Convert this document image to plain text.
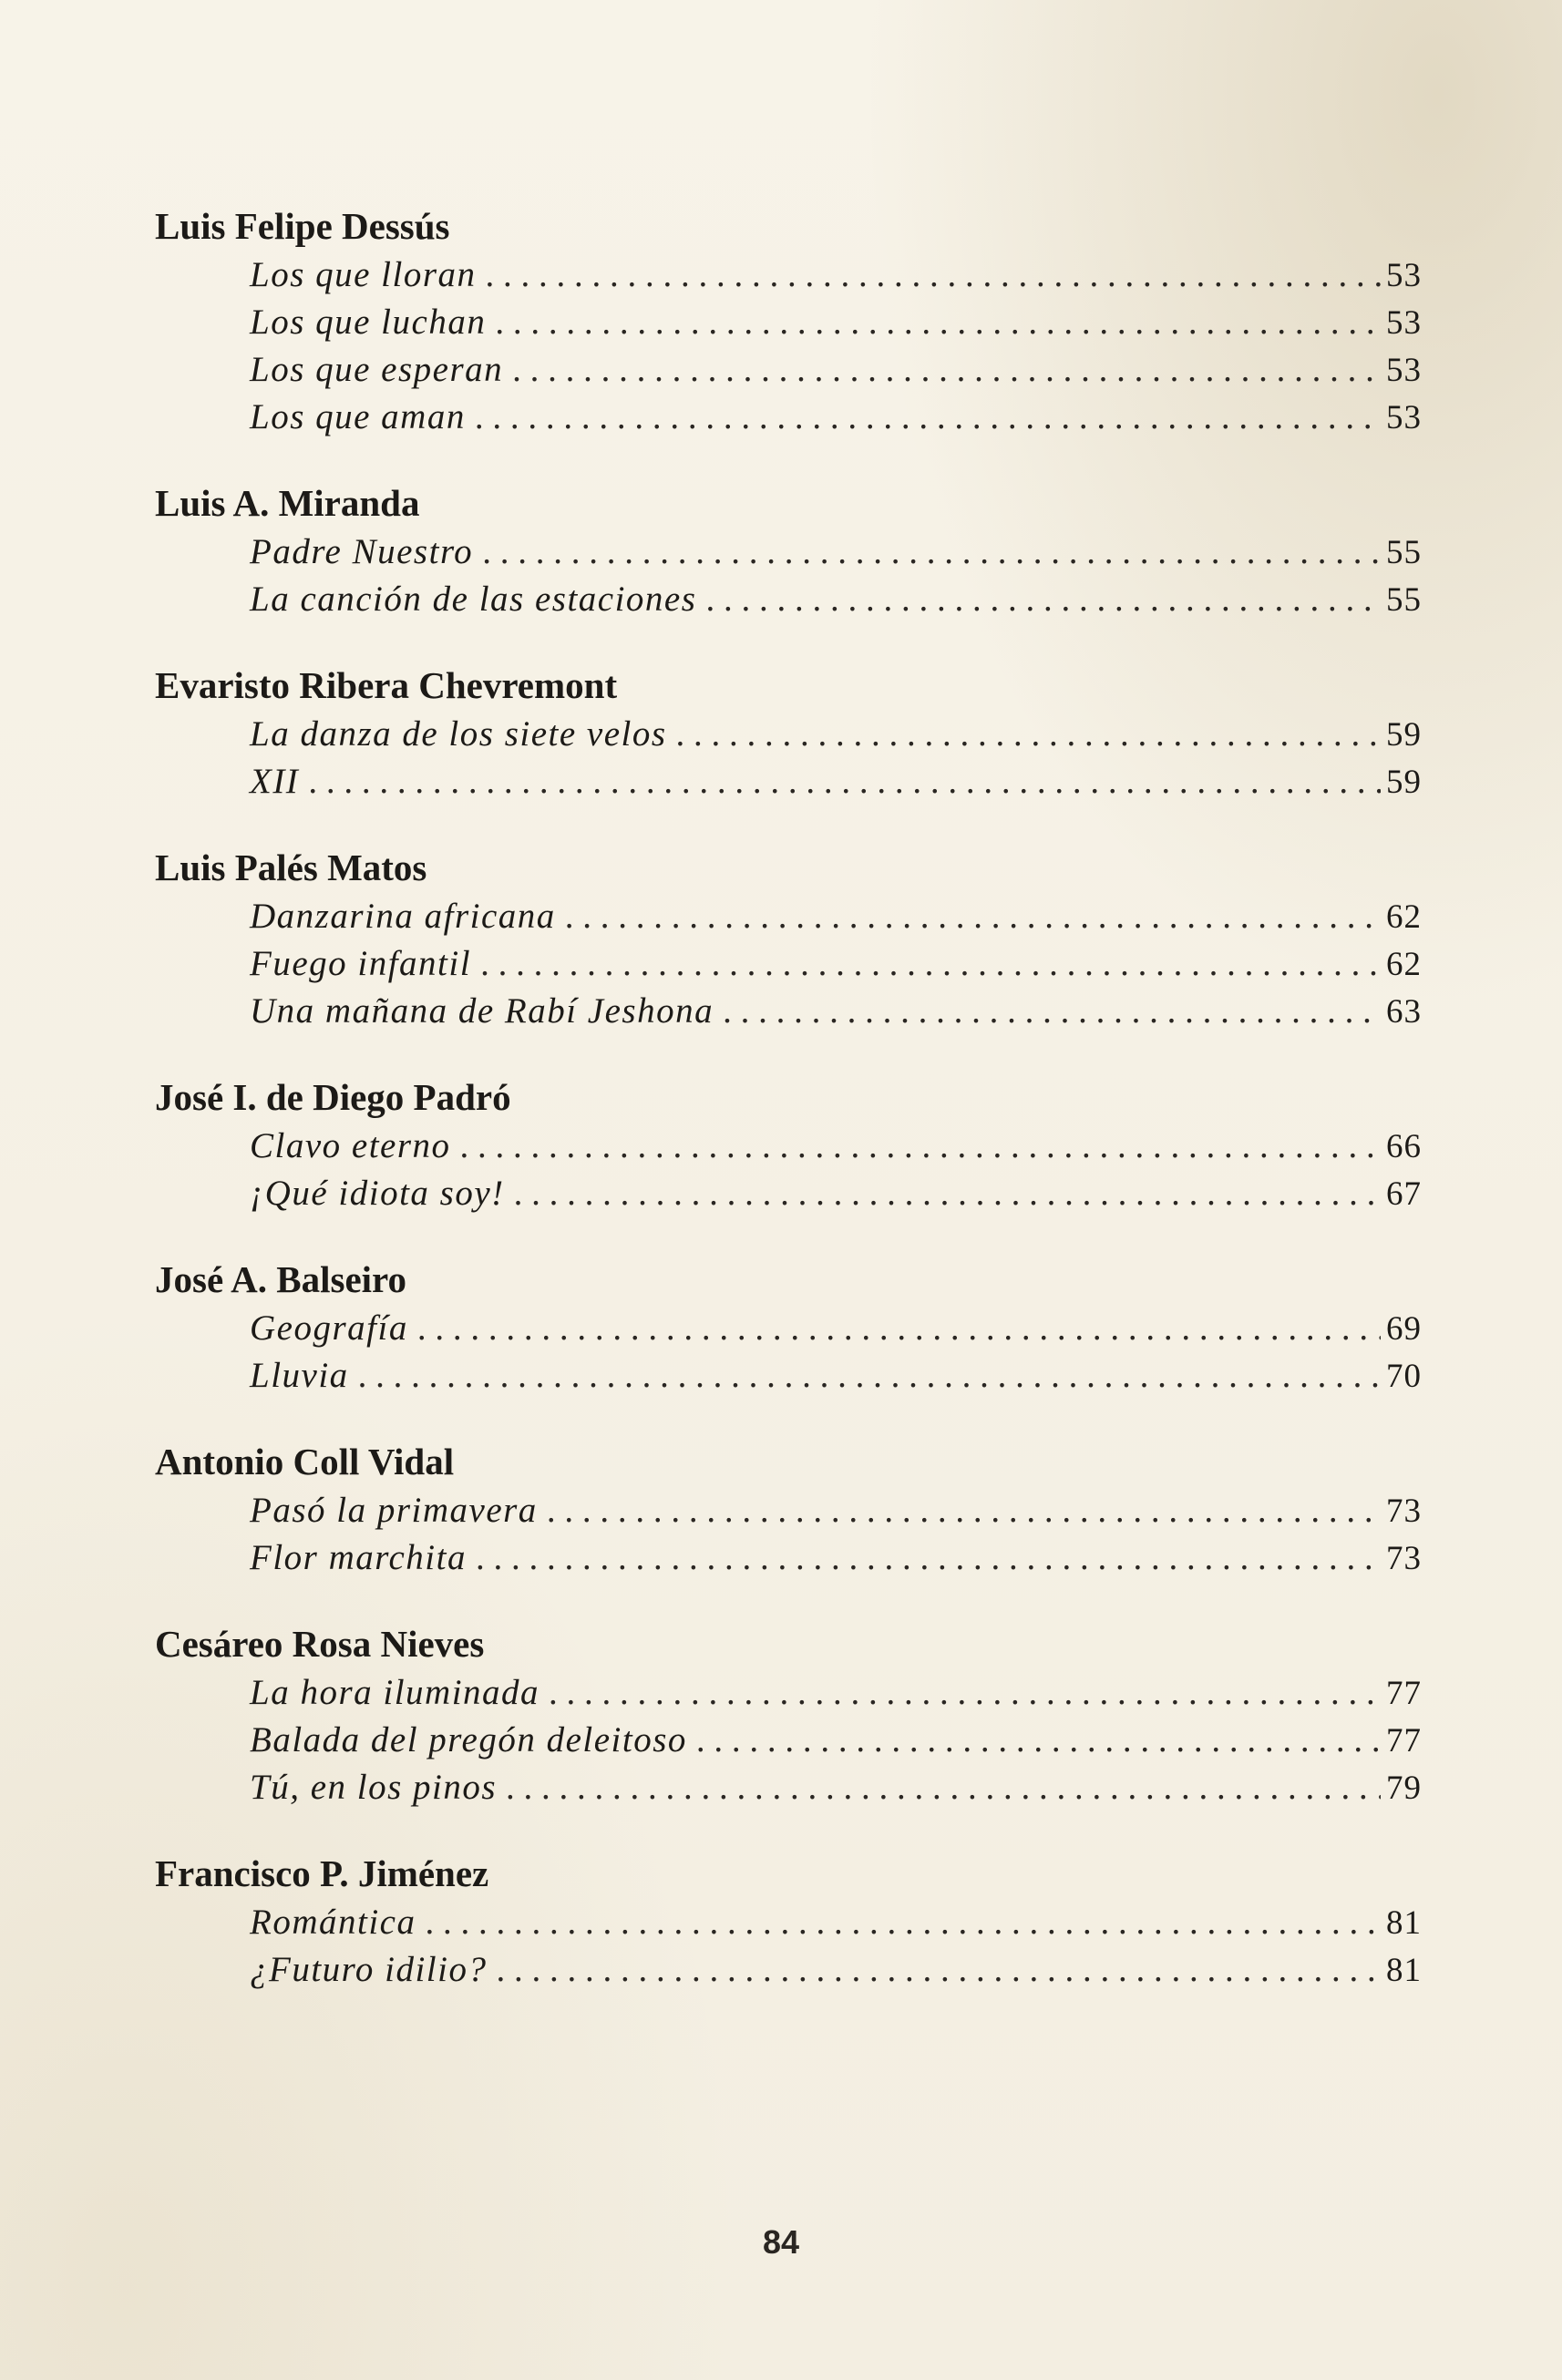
Luis Felipe Dessús
Los que lloran . . .	53
Los que luchan . . .	53
Los que esperan . . .	53
Los que aman . . .	53
Luis A. Miranda
Padre Nuestro . . .	55
La canción de las estaciones . . .	55
Evaristo Ribera Chevremont
La danza de los siete velos . . .	59
XII . . .	59
Luis Palés Matos
Danzarina africana . . .	62
Fuego infantil . . .	62
Una mañana de Rabí Jeshona . . .	63
José I. de Diego Padró
Clavo eterno . . .	66
¡Qué idiota soy! . . .	67
José A. Balseiro
Geografía . . .	69
Lluvia . . .	70
Antonio Coll Vidal
Pasó la primavera . . .	73
Flor marchita . . .	73
Cesáreo Rosa Nieves
La hora iluminada . . .	77
Balada del pregón deleitoso . . .	77
Tú, en los pinos . . .	79
Francisco P. Jiménez
Romántica . . .	81
¿Futuro idilio? . . .	81
84
